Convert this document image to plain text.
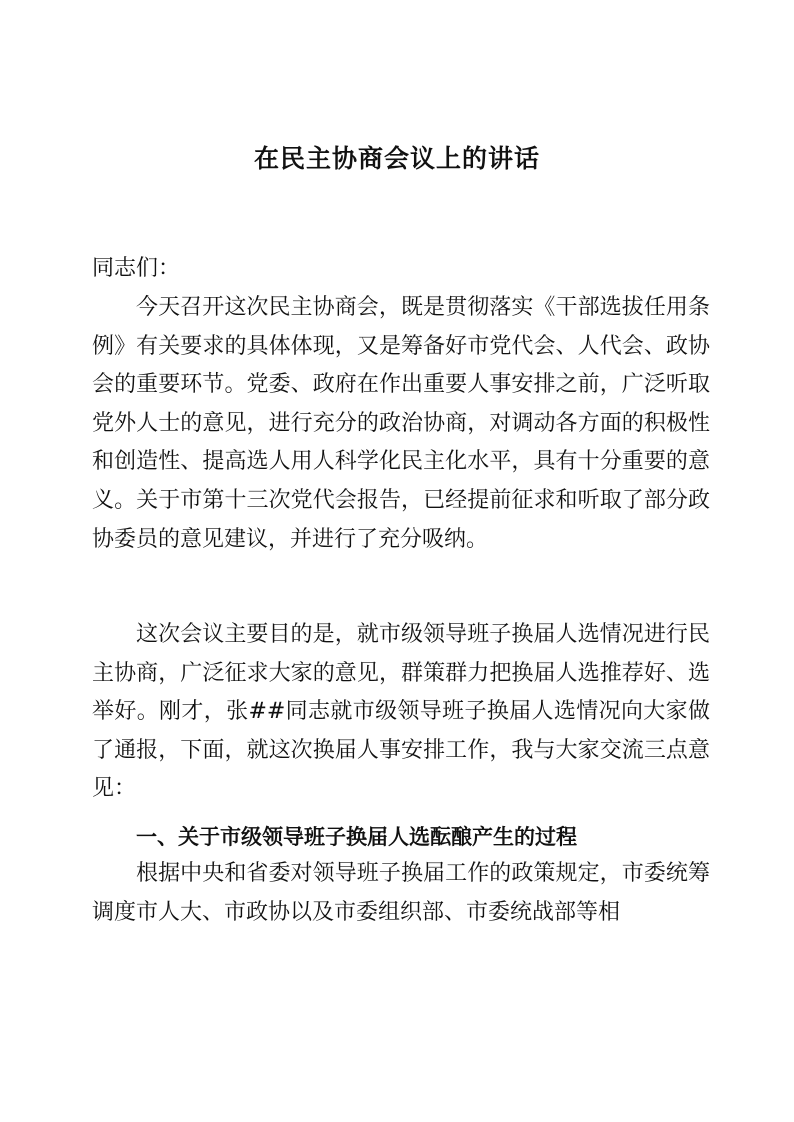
在民主协商会议上的讲话

同志们：

今天召开这次民主协商会，既是贯彻落实《干部选拔任用条例》有关要求的具体体现，又是筹备好市党代会、人代会、政协会的重要环节。党委、政府在作出重要人事安排之前，广泛听取党外人士的意见，进行充分的政治协商，对调动各方面的积极性和创造性、提高选人用人科学化民主化水平，具有十分重要的意义。关于市第十三次党代会报告，已经提前征求和听取了部分政协委员的意见建议，并进行了充分吸纳。

这次会议主要目的是，就市级领导班子换届人选情况进行民主协商，广泛征求大家的意见，群策群力把换届人选推荐好、选举好。刚才，张##同志就市级领导班子换届人选情况向大家做了通报，下面，就这次换届人事安排工作，我与大家交流三点意见：

一、关于市级领导班子换届人选酝酿产生的过程

根据中央和省委对领导班子换届工作的政策规定，市委统筹调度市人大、市政协以及市委组织部、市委统战部等相
